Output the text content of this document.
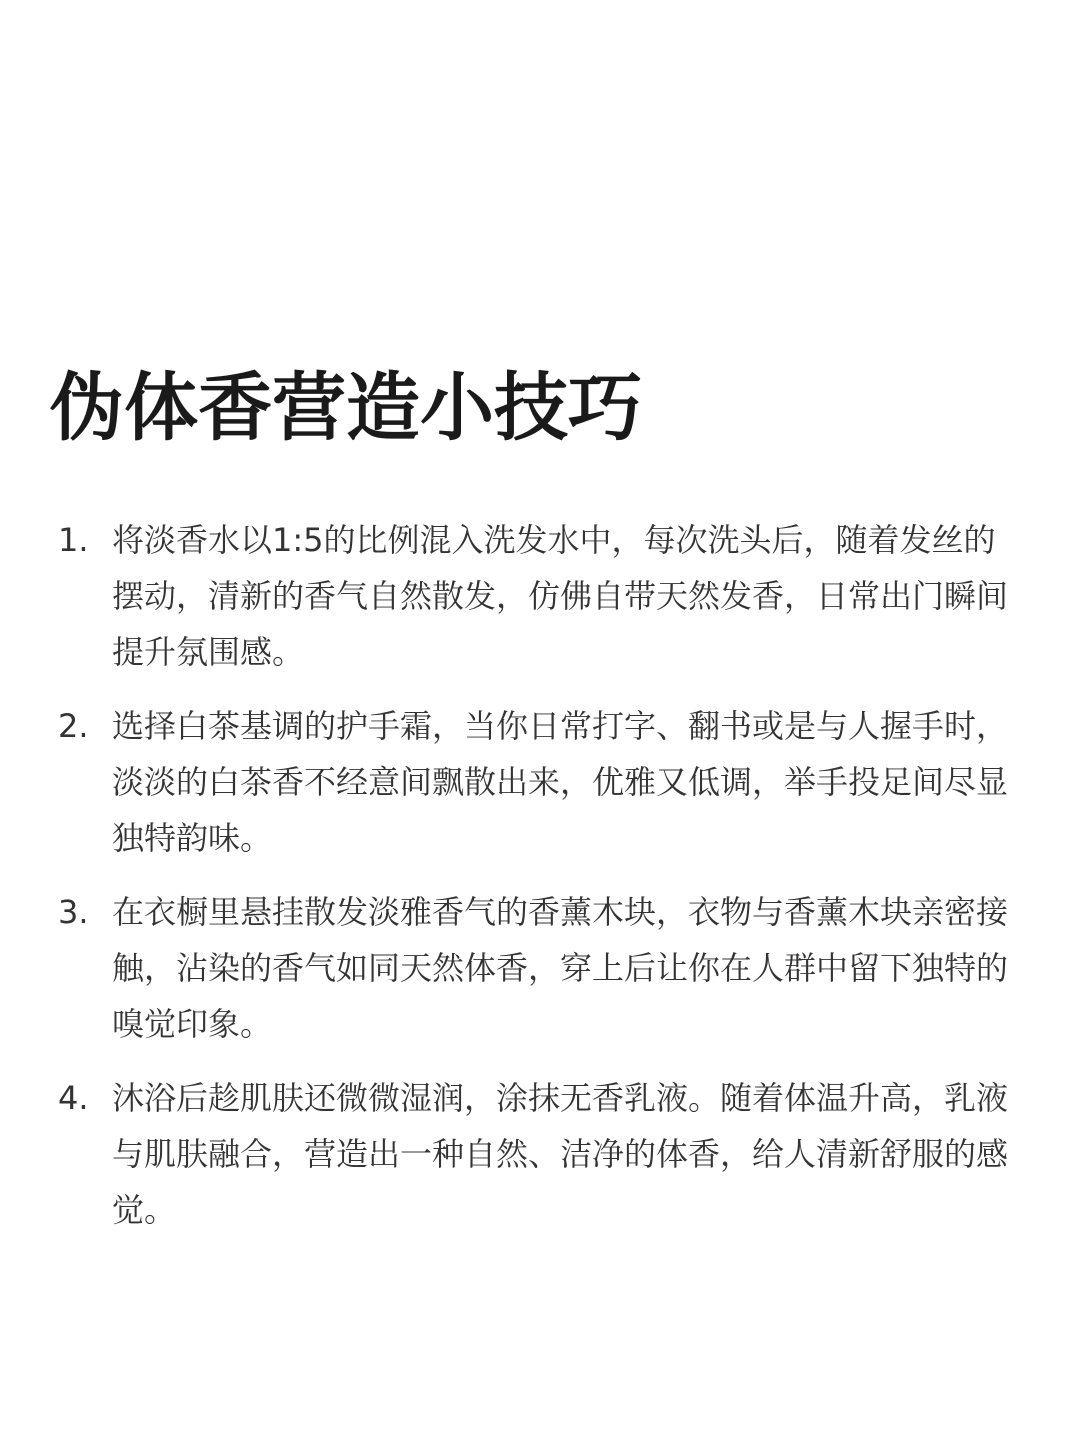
伪体香营造小技巧
1. 将淡香水以1:5的比例混入洗发水中，每次洗头后，随着发丝的摆动，清新的香气自然散发，仿佛自带天然发香，日常出门瞬间提升氛围感。
2. 选择白茶基调的护手霜，当你日常打字、翻书或是与人握手时，淡淡的白茶香不经意间飘散出来，优雅又低调，举手投足间尽显独特韵味。
3. 在衣橱里悬挂散发淡雅香气的香薰木块，衣物与香薰木块亲密接触，沾染的香气如同天然体香，穿上后让你在人群中留下独特的嗅觉印象。
4. 沐浴后趁肌肤还微微湿润，涂抹无香乳液。随着体温升高，乳液与肌肤融合，营造出一种自然、洁净的体香，给人清新舒服的感觉。
